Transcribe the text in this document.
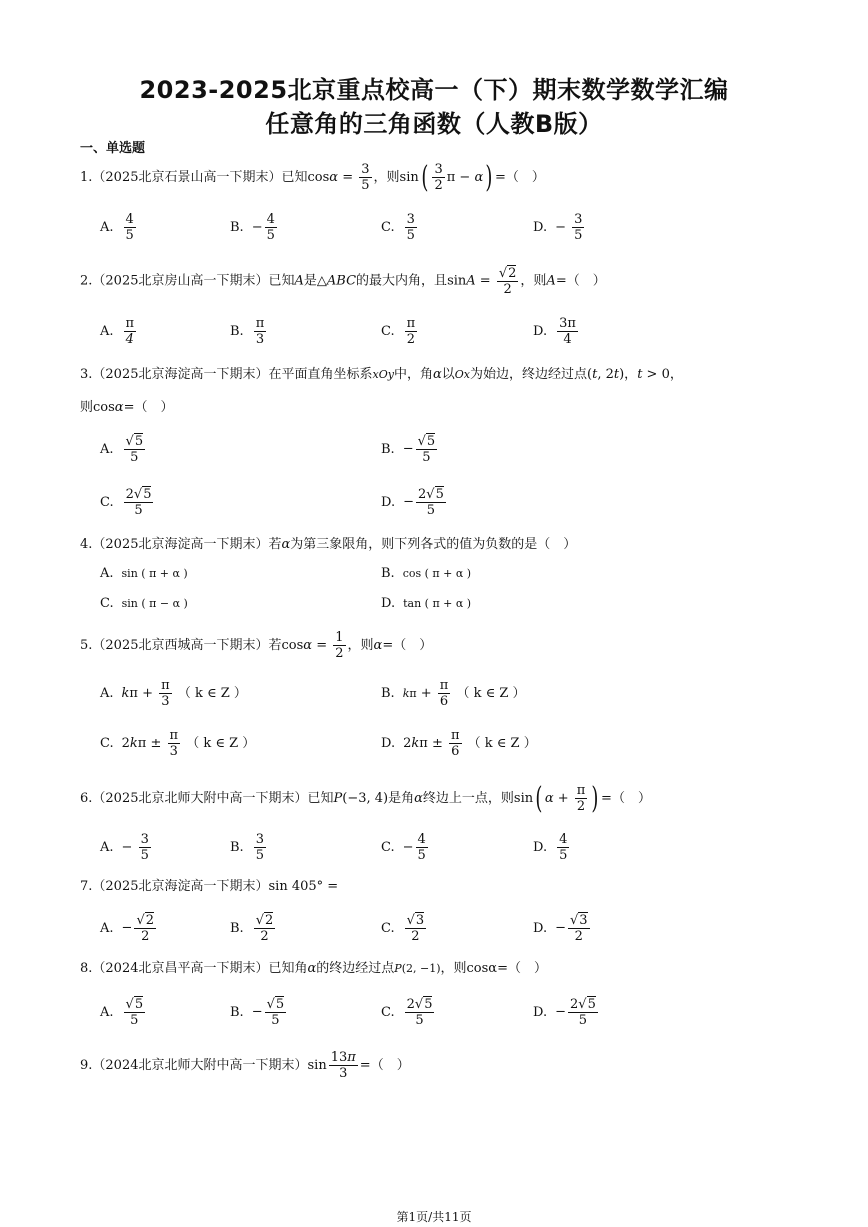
2023-2025北京重点校高一（下）期末数学数学汇编
任意角的三角函数（人教B版）
一、单选题
1.（2025北京石景山高一下期末）已知$\cos\alpha = \frac{3}{5}$ ，则$\sin( \frac{3}{2}$ π − α) =（　）
A. $\frac{4}{5}$	B. − $\frac{4}{5}$	C. $\frac{3}{5}$	D. − $\frac{3}{5}$
2.（2025北京房山高一下期末）已知A是△ABC的最大内角，且$\sin A = \frac{√2}{2}$ ，则A=（　）
A. $\frac{\pi}{4}$	B. $\frac{\pi}{3}$	C. $\frac{\pi}{2}$	D. $\frac{3\pi}{4}$
3.（2025北京海淀高一下期末）在平面直角坐标系xOy中，角α以Ox为始边，终边经过点(t, 2t)，t > 0，
则cosα=（　）
A. $\frac{√5}{5}$	B. − $\frac{√5}{5}$
C. $\frac{2√5}{5}$	D. − $\frac{2√5}{5}$
4.（2025北京海淀高一下期末）若α为第三象限角，则下列各式的值为负数的是（　）
A. sin ( π + α )	B. cos ( π + α )
C. sin ( π − α )	D. tan ( π + α )
5.（2025北京西城高一下期末）若$\cos\alpha = \frac{1}{2}$ ，则α=（　）
A. $k\pi + \frac{\pi}{3}$ （ k ∈ Z ）	B. $k\pi + \frac{\pi}{6}$ （ k ∈ Z ）
C. $2k\pi \pm \frac{\pi}{3}$ （ k ∈ Z ）	D. $2k\pi \pm \frac{\pi}{6}$ （ k ∈ Z ）
6.（2025北京北师大附中高一下期末）已知P(−3, 4)是角α终边上一点，则sin( $\alpha + \frac{\pi}{2}$ ) =（　）
A. − $\frac{3}{5}$	B. $\frac{3}{5}$	C. − $\frac{4}{5}$	D. $\frac{4}{5}$
7.（2025北京海淀高一下期末）sin 405° =
A. − $\frac{√2}{2}$	B. $\frac{√2}{2}$	C. $\frac{√3}{2}$	D. − $\frac{√3}{2}$
8.（2024北京昌平高一下期末）已知角α的终边经过点P(2, −1)，则cosα=（　）
A. $\frac{√5}{5}$	B. − $\frac{√5}{5}$	C. $\frac{2√5}{5}$	D. − $\frac{2√5}{5}$
9.（2024北京北师大附中高一下期末）$\sin \frac{13\pi}{3}$ =（　）
第1页/共11页
